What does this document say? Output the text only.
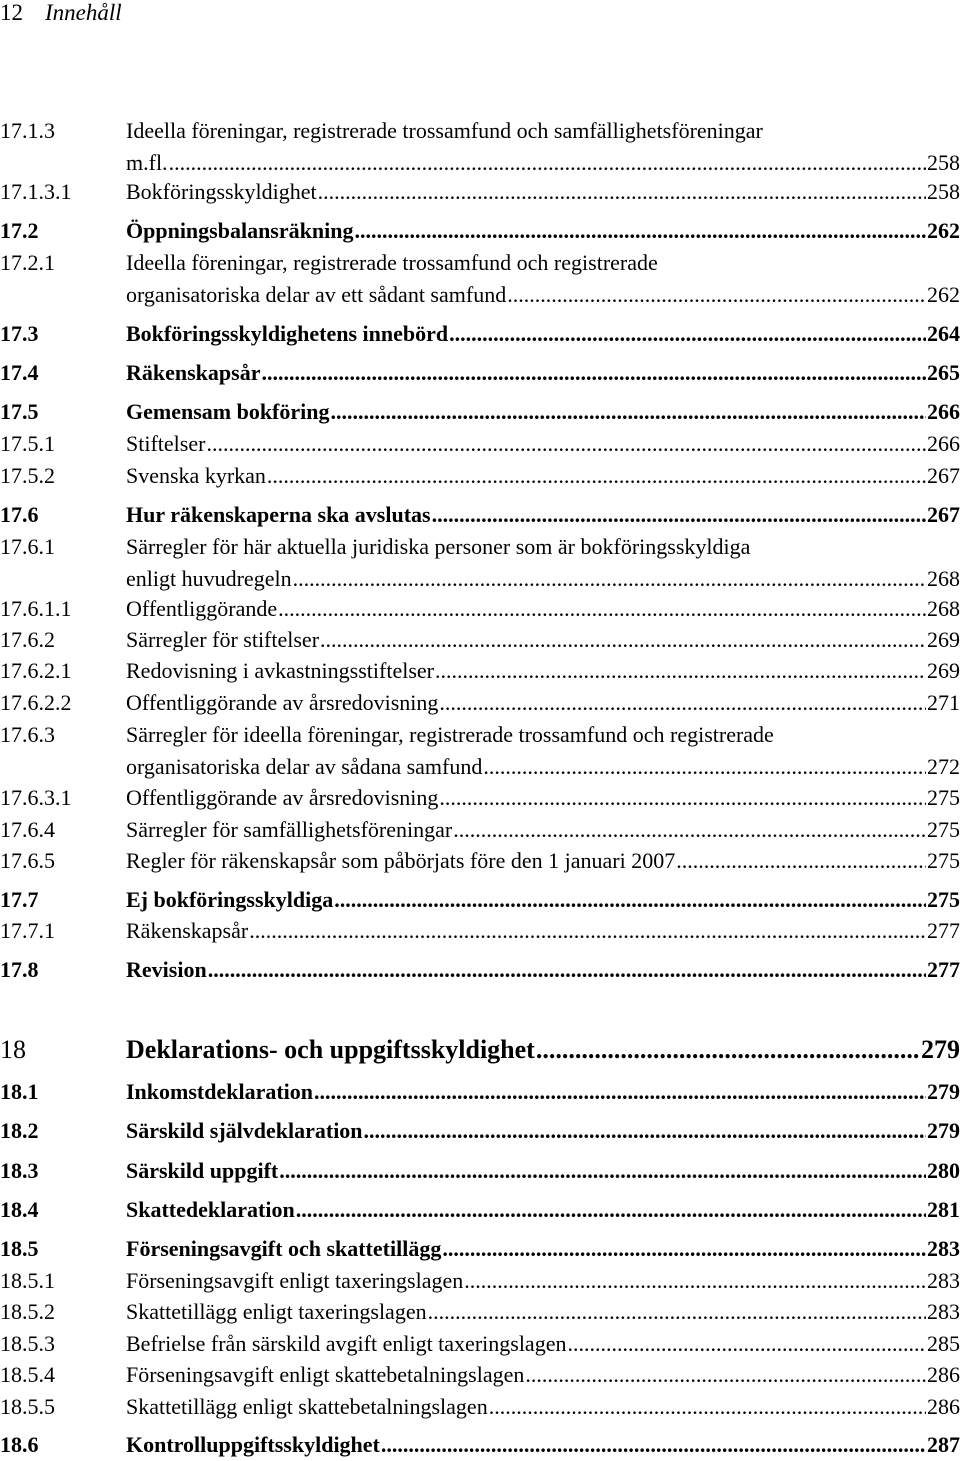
12 Innehåll
17.1.3	Ideella föreningar, registrerade trossamfund och samfällighetsföreningar
m.fl. .....	258
17.1.3.1 Bokföringsskyldighet .....	258
17.2	Öppningsbalansräkning .....	262
17.2.1	Ideella föreningar, registrerade trossamfund och registrerade
organisatoriska delar av ett sådant samfund .....	262
17.3	Bokföringsskyldighetens innebörd .....	264
17.4	Räkenskapsår .....	265
17.5	Gemensam bokföring .....	266
17.5.1	Stiftelser .....	266
17.5.2	Svenska kyrkan .....	267
17.6	Hur räkenskaperna ska avslutas .....	267
17.6.1	Särregler för här aktuella juridiska personer som är bokföringsskyldiga
enligt huvudregeln .....	268
17.6.1.1 Offentliggörande .....	268
17.6.2	Särregler för stiftelser .....	269
17.6.2.1 Redovisning i avkastningsstiftelser .....	269
17.6.2.2 Offentliggörande av årsredovisning .....	271
17.6.3	Särregler för ideella föreningar, registrerade trossamfund och registrerade
organisatoriska delar av sådana samfund .....	272
17.6.3.1 Offentliggörande av årsredovisning .....	275
17.6.4	Särregler för samfällighetsföreningar .....	275
17.6.5	Regler för räkenskapsår som påbörjats före den 1 januari 2007 .....	275
17.7	Ej bokföringsskyldiga .....	275
17.7.1	Räkenskapsår .....	277
17.8	Revision .....	277
18	Deklarations- och uppgiftsskyldighet .....	279
18.1	Inkomstdeklaration .....	279
18.2	Särskild självdeklaration .....	279
18.3	Särskild uppgift .....	280
18.4	Skattedeklaration .....	281
18.5	Förseningsavgift och skattetillägg .....	283
18.5.1	Förseningsavgift enligt taxeringslagen .....	283
18.5.2	Skattetillägg enligt taxeringslagen .....	283
18.5.3	Befrielse från särskild avgift enligt taxeringslagen .....	285
18.5.4	Förseningsavgift enligt skattebetalningslagen .....	286
18.5.5	Skattetillägg enligt skattebetalningslagen .....	286
18.6	Kontrolluppgiftsskyldighet .....	287
